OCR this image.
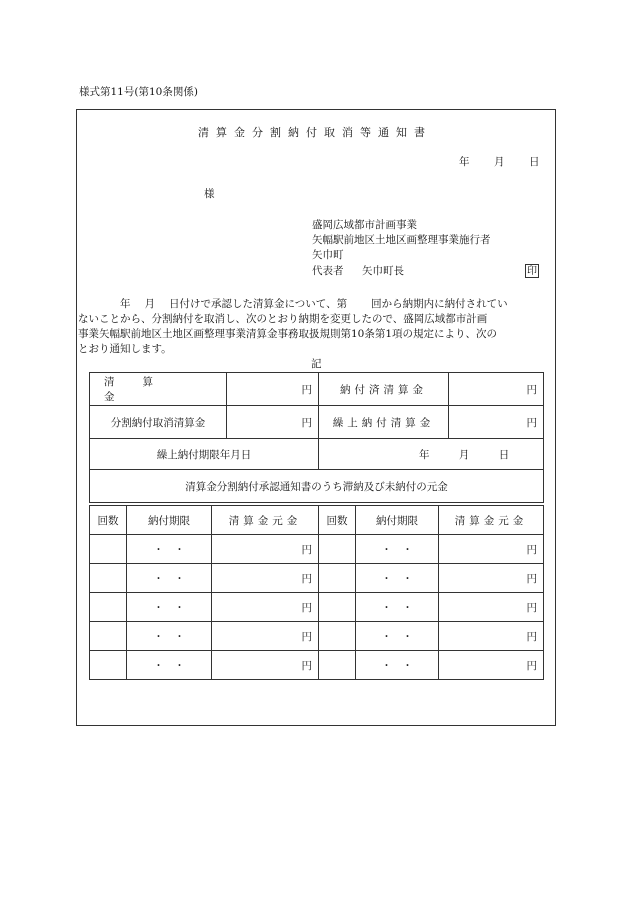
様式第11号(第10条関係)
清算金分割納付取消等通知書
年 月 日
様
盛岡広域都市計画事業
矢幅駅前地区土地区画整理事業施行者
矢巾町
代表者 矢巾町長	印
年 月 日付けで承認した清算金について、第 回から納期内に納付されてい
ないことから、分割納付を取消し、次のとおり納期を変更したので、盛岡広域都市計画
事業矢幅駅前地区土地区画整理事業清算金事務取扱規則第10条第1項の規定により、次の
とおり通知します。
記
清算金	円	納付済清算金	円
分割納付取消清算金	円	繰上納付清算金	円
繰上納付期限年月日		年 月 日	
清算金分割納付承認通知書のうち滞納及び未納付の元金			
回数	納付期限	清算金元金	回数	納付期限	清算金元金
	・　・	円		・　・	円
	・　・	円		・　・	円
	・　・	円		・　・	円
	・　・	円		・　・	円
	・　・	円		・　・	円
